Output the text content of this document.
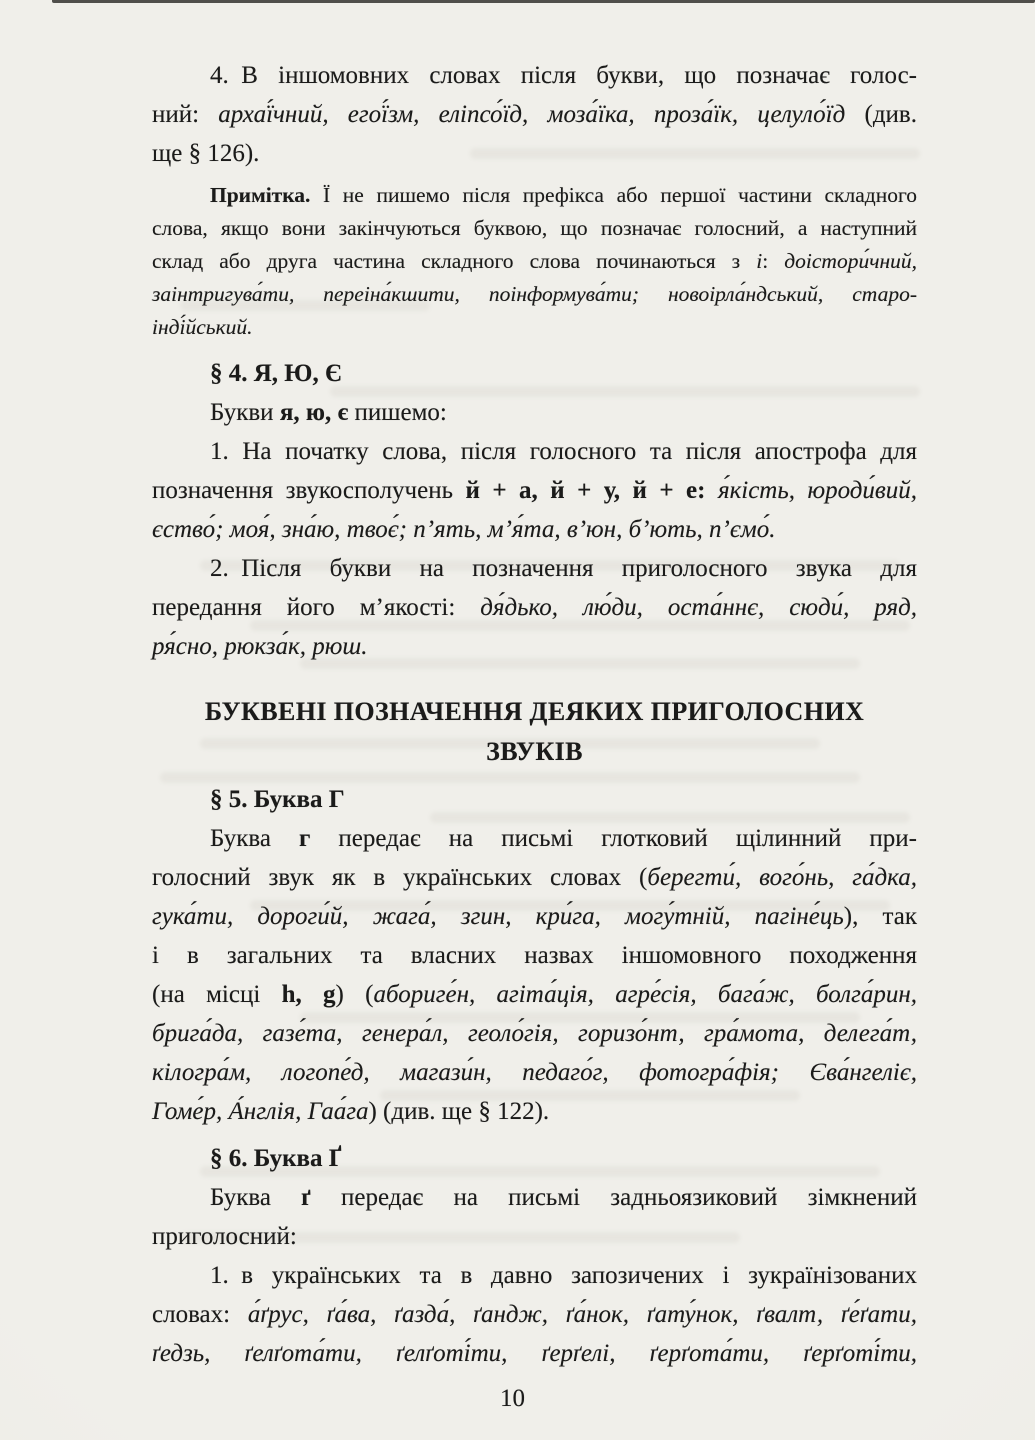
4. В іншомовних словах після букви, що позначає голос-
ний: архаї́чний, егої́зм, еліпсо́їд, моза́їка, проза́їк, целуло́їд (див.
ще § 126).
Примітка. Ї не пишемо після префікса або першої частини складного
слова, якщо вони закінчуються буквою, що позначає голосний, а наступний
склад або друга частина складного слова починаються з і: доістори́чний,
заінтригува́ти, переіна́кшити, поінформува́ти; новоірла́ндський, старо-
інді́йський.
§ 4. Я, Ю, Є
Букви я, ю, є пишемо:
1. На початку слова, після голосного та після апострофа для
позначення звукосполучень й + а, й + у, й + е: я́кість, юроди́вий,
єство́; моя́, зна́ю, твоє́; п’ять, м’я́та, в’юн, б’ють, п’ємо́.
2. Після букви на позначення приголосного звука для
передання його м’якості: дя́дько, лю́ди, оста́ннє, сюди́, ряд,
ря́сно, рюкза́к, рюш.
БУКВЕНІ ПОЗНАЧЕННЯ ДЕЯКИХ ПРИГОЛОСНИХ
ЗВУКІВ
§ 5. Буква Г
Буква г передає на письмі глотковий щілинний при-
голосний звук як в українських словах (берегти́, вого́нь, га́дка,
гука́ти, дороги́й, жага́, згин, кри́га, могу́тній, пагіне́ць), так
і в загальних та власних назвах іншомовного походження
(на місці h, g) (абориге́н, агіта́ція, агре́сія, бага́ж, болга́рин,
брига́да, газе́та, генера́л, геоло́гія, горизо́нт, гра́мота, делега́т,
кілогра́м, логопе́д, магази́н, педаго́г, фотогра́фія; Єва́нгеліє,
Гоме́р, А́нглія, Гаа́га) (див. ще § 122).
§ 6. Буква Ґ
Буква ґ передає на письмі задньоязиковий зімкнений
приголосний:
1. в українських та в давно запозичених і зукраїнізованих
словах: а́ґрус, ґа́ва, ґазда́, ґандж, ґа́нок, ґату́нок, ґвалт, ґе́ґати,
ґедзь, ґелґота́ти, ґелґоті́ти, ґерґелі, ґерґота́ти, ґерґоті́ти,
10
